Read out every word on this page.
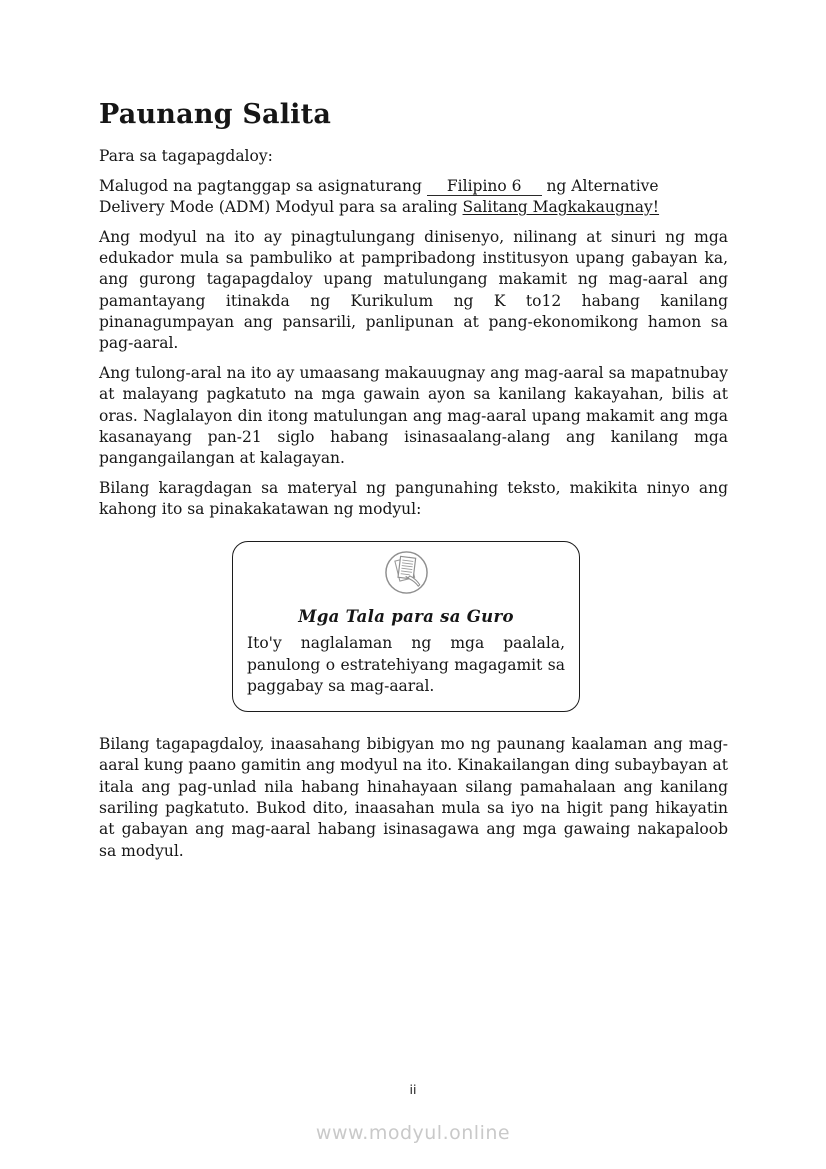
Paunang Salita

Para sa tagapagdaloy:

Malugod na pagtanggap sa asignaturang Filipino 6 ng Alternative Delivery Mode (ADM) Modyul para sa araling Salitang Magkakaugnay!

Ang modyul na ito ay pinagtulungang dinisenyo, nilinang at sinuri ng mga edukador mula sa pambuliko at pampribadong institusyon upang gabayan ka, ang gurong tagapagdaloy upang matulungang makamit ng mag-aaral ang pamantayang itinakda ng Kurikulum ng K to12 habang kanilang pinanagumpayan ang pansarili, panlipunan at pang-ekonomikong hamon sa pag-aaral.

Ang tulong-aral na ito ay umaasang makauugnay ang mag-aaral sa mapatnubay at malayang pagkatuto na mga gawain ayon sa kanilang kakayahan, bilis at oras. Naglalayon din itong matulungan ang mag-aaral upang makamit ang mga kasanayang pan-21 siglo habang isinasaalang-alang ang kanilang mga pangangailangan at kalagayan.

Bilang karagdagan sa materyal ng pangunahing teksto, makikita ninyo ang kahong ito sa pinakakatawan ng modyul:

Mga Tala para sa Guro

Ito'y naglalaman ng mga paalala, panulong o estratehiyang magagamit sa paggabay sa mag-aaral.

Bilang tagapagdaloy, inaasahang bibigyan mo ng paunang kaalaman ang mag-aaral kung paano gamitin ang modyul na ito. Kinakailangan ding subaybayan at itala ang pag-unlad nila habang hinahayaan silang pamahalaan ang kanilang sariling pagkatuto. Bukod dito, inaasahan mula sa iyo na higit pang hikayatin at gabayan ang mag-aaral habang isinasagawa ang mga gawaing nakapaloob sa modyul.

ii
www.modyul.online
